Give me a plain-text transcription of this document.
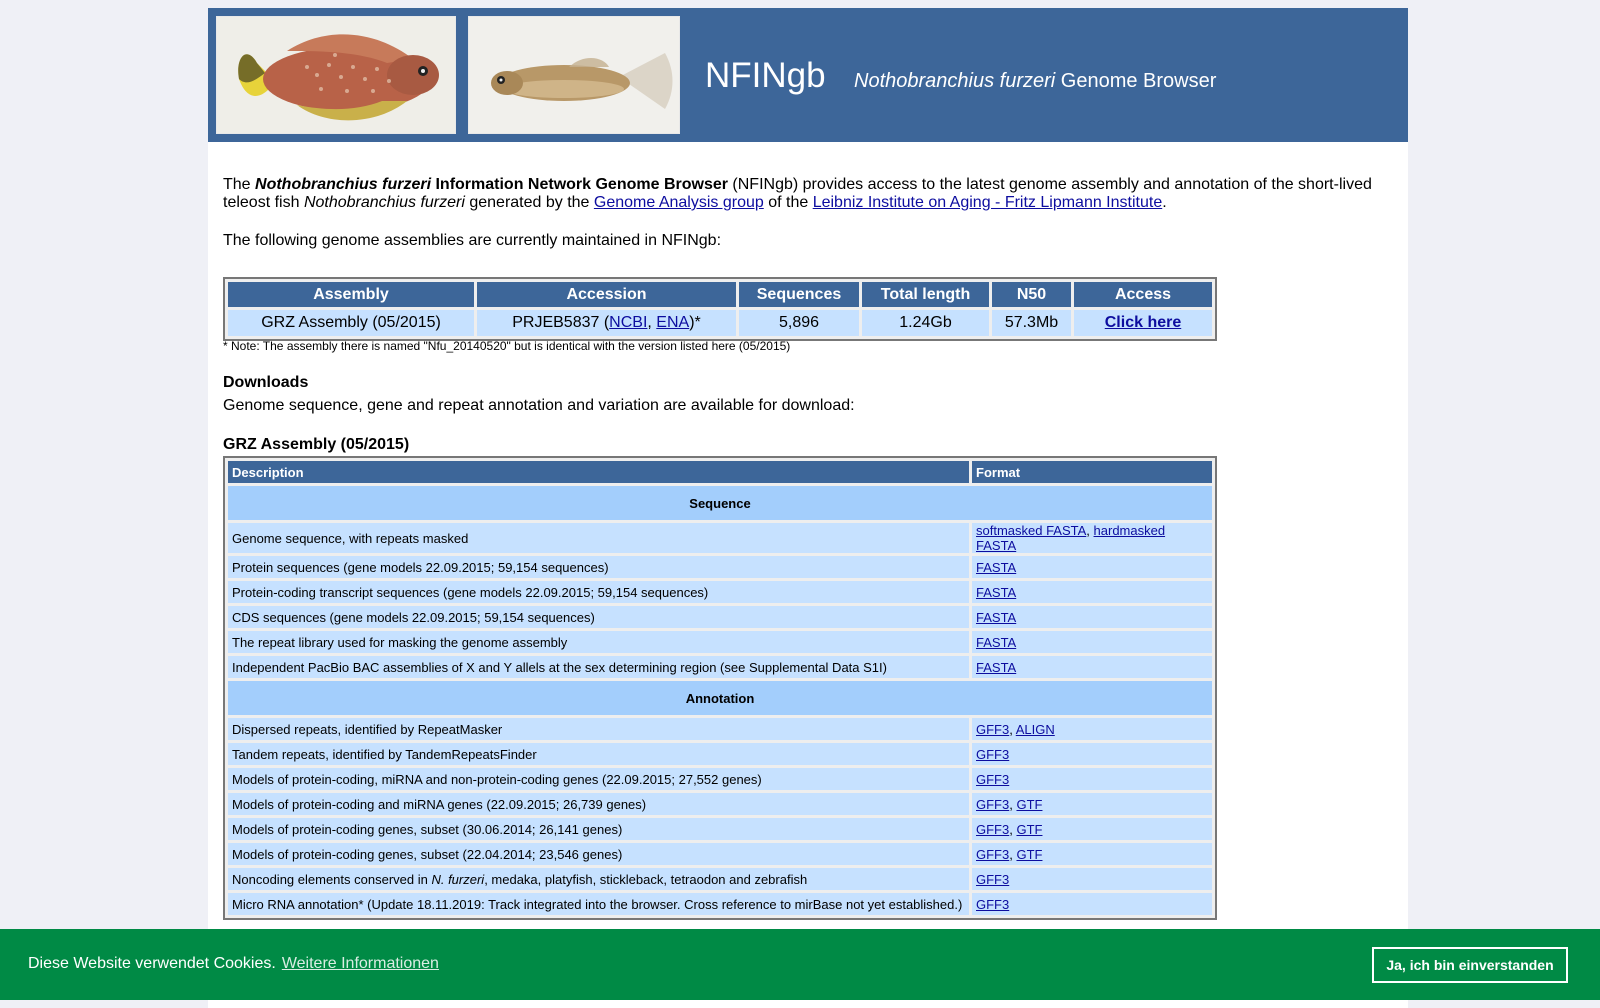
NFINgb Nothobranchius furzeri Genome Browser

The Nothobranchius furzeri Information Network Genome Browser (NFINgb) provides access to the latest genome assembly and annotation of the short-lived teleost fish Nothobranchius furzeri generated by the Genome Analysis group of the Leibniz Institute on Aging - Fritz Lipmann Institute.

The following genome assemblies are currently maintained in NFINgb:

Assembly	Accession	Sequences	Total length	N50	Access
GRZ Assembly (05/2015)	PRJEB5837 (NCBI, ENA)*	5,896	1.24Gb	57.3Mb	Click here
* Note: The assembly there is named "Nfu_20140520" but is identical with the version listed here (05/2015)
Downloads
Genome sequence, gene and repeat annotation and variation are available for download:
GRZ Assembly (05/2015)
Description	Format
Sequence	
Genome sequence, with repeats masked	softmasked FASTA, hardmasked FASTA
Protein sequences (gene models 22.09.2015; 59,154 sequences)	FASTA
Protein-coding transcript sequences (gene models 22.09.2015; 59,154 sequences)	FASTA
CDS sequences (gene models 22.09.2015; 59,154 sequences)	FASTA
The repeat library used for masking the genome assembly	FASTA
Independent PacBio BAC assemblies of X and Y allels at the sex determining region (see Supplemental Data S1I)	FASTA
Annotation	
Dispersed repeats, identified by RepeatMasker	GFF3, ALIGN
Tandem repeats, identified by TandemRepeatsFinder	GFF3
Models of protein-coding, miRNA and non-protein-coding genes (22.09.2015; 27,552 genes)	GFF3
Models of protein-coding and miRNA genes (22.09.2015; 26,739 genes)	GFF3, GTF
Models of protein-coding genes, subset (30.06.2014; 26,141 genes)	GFF3, GTF
Models of protein-coding genes, subset (22.04.2014; 23,546 genes)	GFF3, GTF
Noncoding elements conserved in N. furzeri, medaka, platyfish, stickleback, tetraodon and zebrafish	GFF3
Micro RNA annotation* (Update 18.11.2019: Track integrated into the browser. Cross reference to mirBase not yet established.)	GFF3
Diese Website verwendet Cookies. Weitere Informationen	Ja, ich bin einverstanden
